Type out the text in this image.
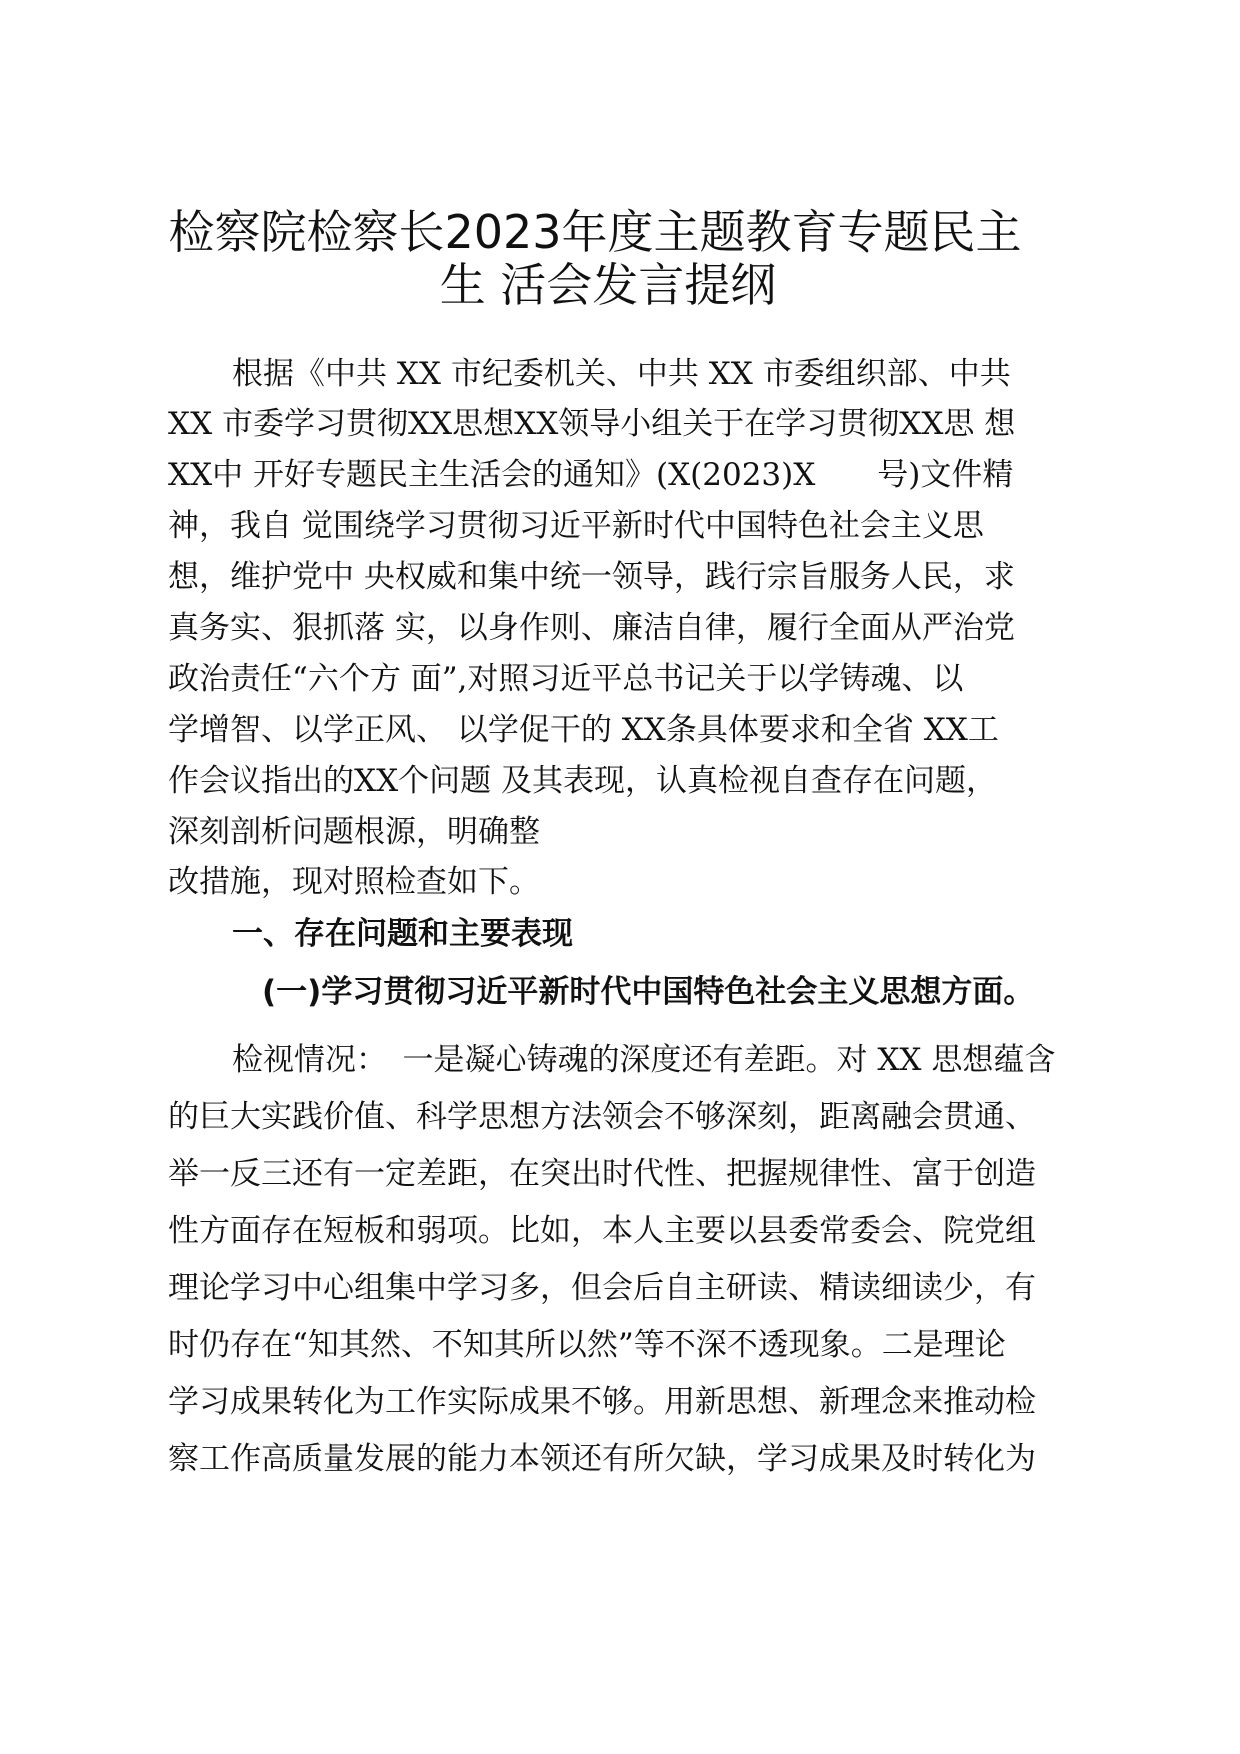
检察院检察长2023年度主题教育专题民主
生 活会发言提纲
根据《中共 XX 市纪委机关、中共 XX 市委组织部、中共
XX 市委学习贯彻XX思想XX领导小组关于在学习贯彻XX思 想
XX中 开好专题民主生活会的通知》(X(2023)X　　号)文件精
神，我自 觉围绕学习贯彻习近平新时代中国特色社会主义思
想，维护党中 央权威和集中统一领导，践行宗旨服务人民，求
真务实、狠抓落 实，以身作则、廉洁自律，履行全面从严治党
政治责任“六个方 面”,对照习近平总书记关于以学铸魂、以
学增智、以学正风、 以学促干的 XX条具体要求和全省 XX工
作会议指出的XX个问题 及其表现，认真检视自查存在问题，
深刻剖析问题根源，明确整
改措施，现对照检查如下。
一、存在问题和主要表现
(一)学习贯彻习近平新时代中国特色社会主义思想方面。
检视情况：　一是凝心铸魂的深度还有差距。对 XX 思想蕴含
的巨大实践价值、科学思想方法领会不够深刻，距离融会贯通、
举一反三还有一定差距，在突出时代性、把握规律性、富于创造
性方面存在短板和弱项。比如，本人主要以县委常委会、院党组
理论学习中心组集中学习多，但会后自主研读、精读细读少，有
时仍存在“知其然、不知其所以然”等不深不透现象。二是理论
学习成果转化为工作实际成果不够。用新思想、新理念来推动检
察工作高质量发展的能力本领还有所欠缺，学习成果及时转化为
